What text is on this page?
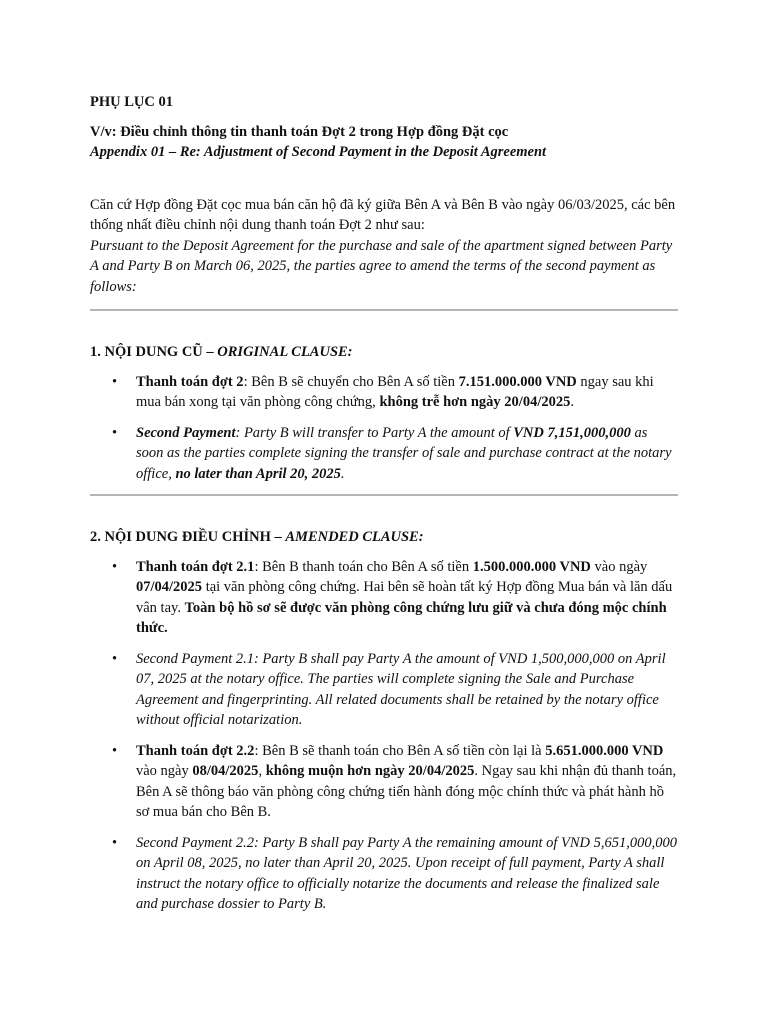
PHỤ LỤC 01

V/v: Điều chỉnh thông tin thanh toán Đợt 2 trong Hợp đồng Đặt cọc

Appendix 01 – Re: Adjustment of Second Payment in the Deposit Agreement

Căn cứ Hợp đồng Đặt cọc mua bán căn hộ đã ký giữa Bên A và Bên B vào ngày 06/03/2025, các bên thống nhất điều chỉnh nội dung thanh toán Đợt 2 như sau:
Pursuant to the Deposit Agreement for the purchase and sale of the apartment signed between Party A and Party B on March 06, 2025, the parties agree to amend the terms of the second payment as follows:

1. NỘI DUNG CŨ – ORIGINAL CLAUSE:

• Thanh toán đợt 2: Bên B sẽ chuyển cho Bên A số tiền 7.151.000.000 VND ngay sau khi mua bán xong tại văn phòng công chứng, không trễ hơn ngày 20/04/2025.
• Second Payment: Party B will transfer to Party A the amount of VND 7,151,000,000 as soon as the parties complete signing the transfer of sale and purchase contract at the notary office, no later than April 20, 2025.

2. NỘI DUNG ĐIỀU CHỈNH – AMENDED CLAUSE:

• Thanh toán đợt 2.1: Bên B thanh toán cho Bên A số tiền 1.500.000.000 VND vào ngày 07/04/2025 tại văn phòng công chứng. Hai bên sẽ hoàn tất ký Hợp đồng Mua bán và lăn dấu vân tay. Toàn bộ hồ sơ sẽ được văn phòng công chứng lưu giữ và chưa đóng mộc chính thức.
• Second Payment 2.1: Party B shall pay Party A the amount of VND 1,500,000,000 on April 07, 2025 at the notary office. The parties will complete signing the Sale and Purchase Agreement and fingerprinting. All related documents shall be retained by the notary office without official notarization.
• Thanh toán đợt 2.2: Bên B sẽ thanh toán cho Bên A số tiền còn lại là 5.651.000.000 VND vào ngày 08/04/2025, không muộn hơn ngày 20/04/2025. Ngay sau khi nhận đủ thanh toán, Bên A sẽ thông báo văn phòng công chứng tiến hành đóng mộc chính thức và phát hành hồ sơ mua bán cho Bên B.
• Second Payment 2.2: Party B shall pay Party A the remaining amount of VND 5,651,000,000 on April 08, 2025, no later than April 20, 2025. Upon receipt of full payment, Party A shall instruct the notary office to officially notarize the documents and release the finalized sale and purchase dossier to Party B.
